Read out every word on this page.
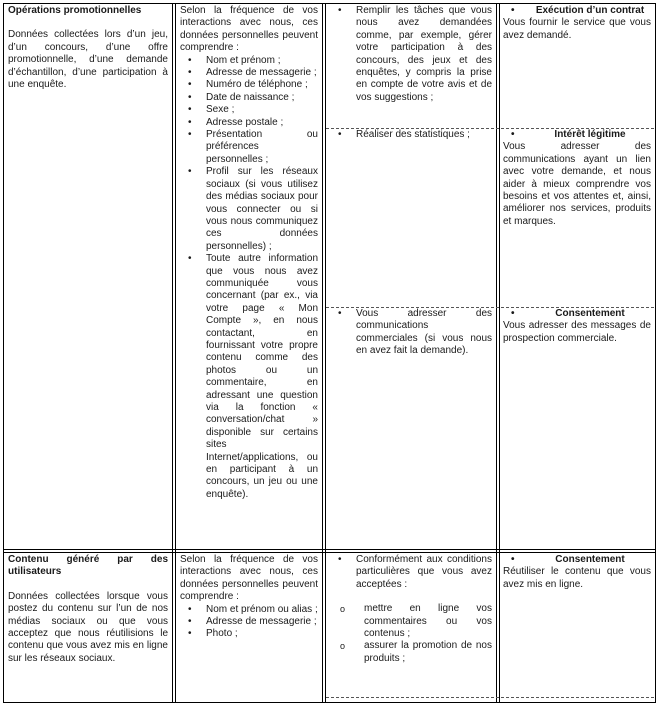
Opérations promotionnelles

Données collectées lors d’un jeu, d’un concours, d’une offre promotionnelle, d’une demande d’échantillon, d’une participation à une enquête.

Selon la fréquence de vos interactions avec nous, ces données personnelles peuvent comprendre :

• Nom et prénom ;
• Adresse de messagerie ;
• Numéro de téléphone ;
• Date de naissance ;
• Sexe ;
• Adresse postale ;
• Présentation ou préférences personnelles ;
• Profil sur les réseaux sociaux (si vous utilisez des médias sociaux pour vous connecter ou si vous nous communiquez ces données personnelles) ;
• Toute autre information que vous nous avez communiquée vous concernant (par ex., via votre page « Mon Compte », en nous contactant, en fournissant votre propre contenu comme des photos ou un commentaire, en adressant une question via la fonction « conversation/chat » disponible sur certains sites Internet/applications, ou en participant à un concours, un jeu ou une enquête).
• Remplir les tâches que vous nous avez demandées comme, par exemple, gérer votre participation à des concours, des jeux et des enquêtes, y compris la prise en compte de votre avis et de vos suggestions ;

• Exécution d’un contrat

Vous fournir le service que vous avez demandé.

• Réaliser des statistiques ;

•	Intérêt légitime

Vous adresser des communications ayant un lien avec votre demande, et nous aider à mieux comprendre vos besoins et vos attentes et, ainsi, améliorer nos services, produits et marques.

• Vous adresser des communications commerciales (si vous nous en avez fait la demande).

• Consentement

Vous adresser des messages de prospection commerciale.

Contenu généré par des utilisateurs

Données collectées lorsque vous postez du contenu sur l’un de nos médias sociaux ou que vous acceptez que nous réutilisions le contenu que vous avez mis en ligne sur les réseaux sociaux.

Selon la fréquence de vos interactions avec nous, ces données personnelles peuvent comprendre :

• Nom et prénom ou alias ;
• Adresse de messagerie ;
• Photo ;
• Conformément aux conditions particulières que vous avez acceptées :
o mettre en ligne vos commentaires ou vos contenus ;
o assurer la promotion de nos produits ;

• Consentement

Réutiliser le contenu que vous avez mis en ligne.
